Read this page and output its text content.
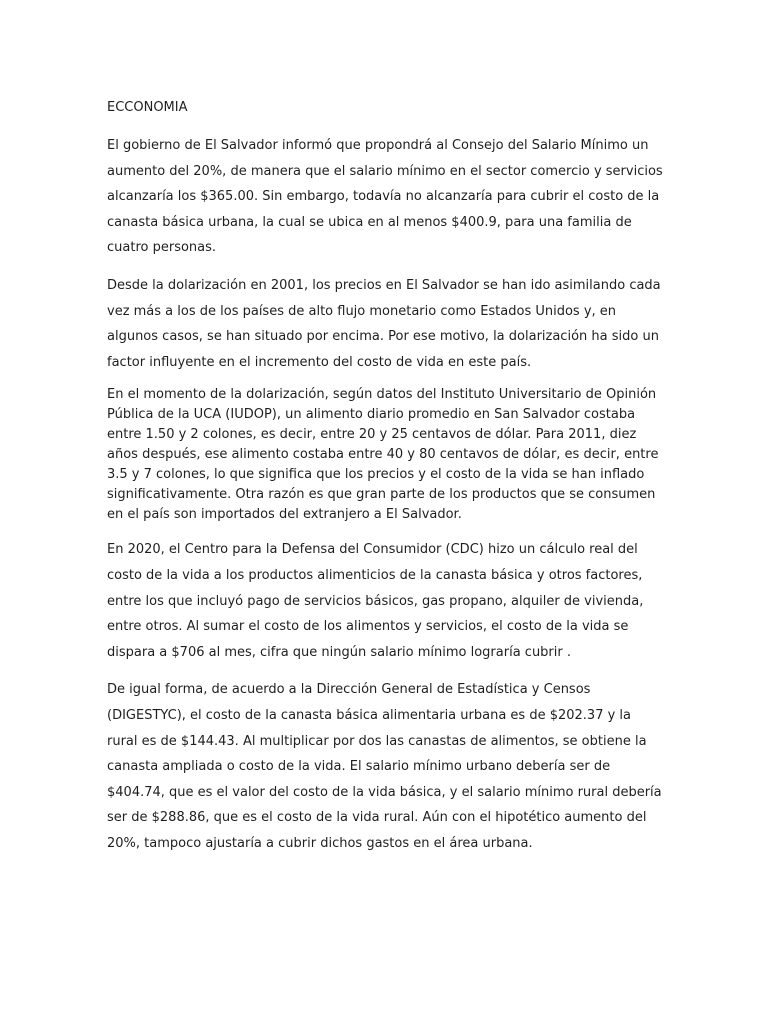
ECCONOMIA

El gobierno de El Salvador informó que propondrá al Consejo del Salario Mínimo un aumento del 20%, de manera que el salario mínimo en el sector comercio y servicios alcanzaría los $365.00. Sin embargo, todavía no alcanzaría para cubrir el costo de la canasta básica urbana, la cual se ubica en al menos $400.9, para una familia de cuatro personas.

Desde la dolarización en 2001, los precios en El Salvador se han ido asimilando cada vez más a los de los países de alto flujo monetario como Estados Unidos y, en algunos casos, se han situado por encima. Por ese motivo, la dolarización ha sido un factor influyente en el incremento del costo de vida en este país.

En el momento de la dolarización, según datos del Instituto Universitario de Opinión Pública de la UCA (IUDOP), un alimento diario promedio en San Salvador costaba entre 1.50 y 2 colones, es decir, entre 20 y 25 centavos de dólar. Para 2011, diez años después, ese alimento costaba entre 40 y 80 centavos de dólar, es decir, entre 3.5 y 7 colones, lo que significa que los precios y el costo de la vida se han inflado significativamente. Otra razón es que gran parte de los productos que se consumen en el país son importados del extranjero a El Salvador.

En 2020, el Centro para la Defensa del Consumidor (CDC) hizo un cálculo real del costo de la vida a los productos alimenticios de la canasta básica y otros factores, entre los que incluyó pago de servicios básicos, gas propano, alquiler de vivienda, entre otros. Al sumar el costo de los alimentos y servicios, el costo de la vida se dispara a $706 al mes, cifra que ningún salario mínimo lograría cubrir .

De igual forma, de acuerdo a la Dirección General de Estadística y Censos (DIGESTYC), el costo de la canasta básica alimentaria urbana es de $202.37 y la rural es de $144.43. Al multiplicar por dos las canastas de alimentos, se obtiene la canasta ampliada o costo de la vida. El salario mínimo urbano debería ser de $404.74, que es el valor del costo de la vida básica, y el salario mínimo rural debería ser de $288.86, que es el costo de la vida rural. Aún con el hipotético aumento del 20%, tampoco ajustaría a cubrir dichos gastos en el área urbana.
